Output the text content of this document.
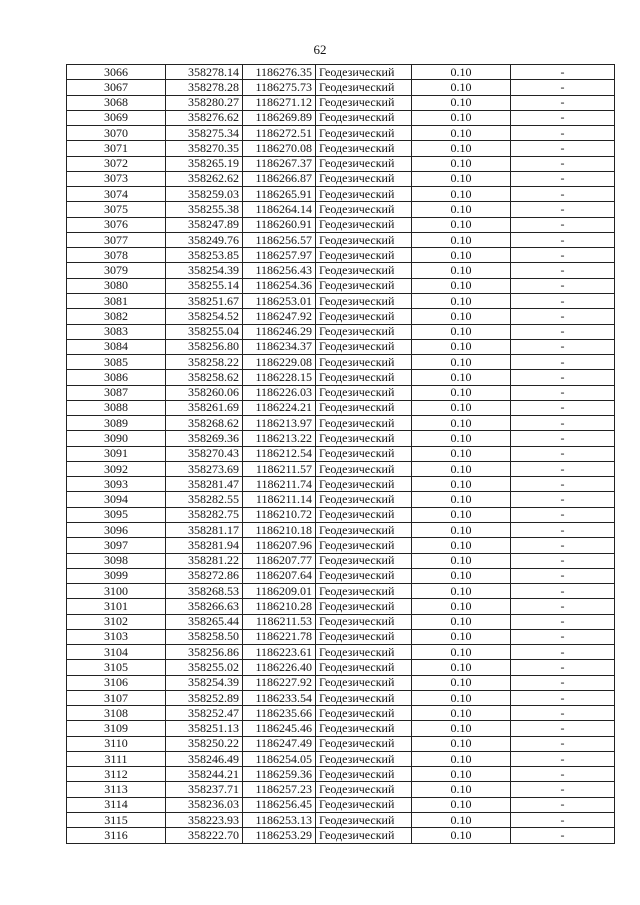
62
3066	358278.14	1186276.35	Геодезический	0.10	-
3067	358278.28	1186275.73	Геодезический	0.10	-
3068	358280.27	1186271.12	Геодезический	0.10	-
3069	358276.62	1186269.89	Геодезический	0.10	-
3070	358275.34	1186272.51	Геодезический	0.10	-
3071	358270.35	1186270.08	Геодезический	0.10	-
3072	358265.19	1186267.37	Геодезический	0.10	-
3073	358262.62	1186266.87	Геодезический	0.10	-
3074	358259.03	1186265.91	Геодезический	0.10	-
3075	358255.38	1186264.14	Геодезический	0.10	-
3076	358247.89	1186260.91	Геодезический	0.10	-
3077	358249.76	1186256.57	Геодезический	0.10	-
3078	358253.85	1186257.97	Геодезический	0.10	-
3079	358254.39	1186256.43	Геодезический	0.10	-
3080	358255.14	1186254.36	Геодезический	0.10	-
3081	358251.67	1186253.01	Геодезический	0.10	-
3082	358254.52	1186247.92	Геодезический	0.10	-
3083	358255.04	1186246.29	Геодезический	0.10	-
3084	358256.80	1186234.37	Геодезический	0.10	-
3085	358258.22	1186229.08	Геодезический	0.10	-
3086	358258.62	1186228.15	Геодезический	0.10	-
3087	358260.06	1186226.03	Геодезический	0.10	-
3088	358261.69	1186224.21	Геодезический	0.10	-
3089	358268.62	1186213.97	Геодезический	0.10	-
3090	358269.36	1186213.22	Геодезический	0.10	-
3091	358270.43	1186212.54	Геодезический	0.10	-
3092	358273.69	1186211.57	Геодезический	0.10	-
3093	358281.47	1186211.74	Геодезический	0.10	-
3094	358282.55	1186211.14	Геодезический	0.10	-
3095	358282.75	1186210.72	Геодезический	0.10	-
3096	358281.17	1186210.18	Геодезический	0.10	-
3097	358281.94	1186207.96	Геодезический	0.10	-
3098	358281.22	1186207.77	Геодезический	0.10	-
3099	358272.86	1186207.64	Геодезический	0.10	-
3100	358268.53	1186209.01	Геодезический	0.10	-
3101	358266.63	1186210.28	Геодезический	0.10	-
3102	358265.44	1186211.53	Геодезический	0.10	-
3103	358258.50	1186221.78	Геодезический	0.10	-
3104	358256.86	1186223.61	Геодезический	0.10	-
3105	358255.02	1186226.40	Геодезический	0.10	-
3106	358254.39	1186227.92	Геодезический	0.10	-
3107	358252.89	1186233.54	Геодезический	0.10	-
3108	358252.47	1186235.66	Геодезический	0.10	-
3109	358251.13	1186245.46	Геодезический	0.10	-
3110	358250.22	1186247.49	Геодезический	0.10	-
3111	358246.49	1186254.05	Геодезический	0.10	-
3112	358244.21	1186259.36	Геодезический	0.10	-
3113	358237.71	1186257.23	Геодезический	0.10	-
3114	358236.03	1186256.45	Геодезический	0.10	-
3115	358223.93	1186253.13	Геодезический	0.10	-
3116	358222.70	1186253.29	Геодезический	0.10	-
